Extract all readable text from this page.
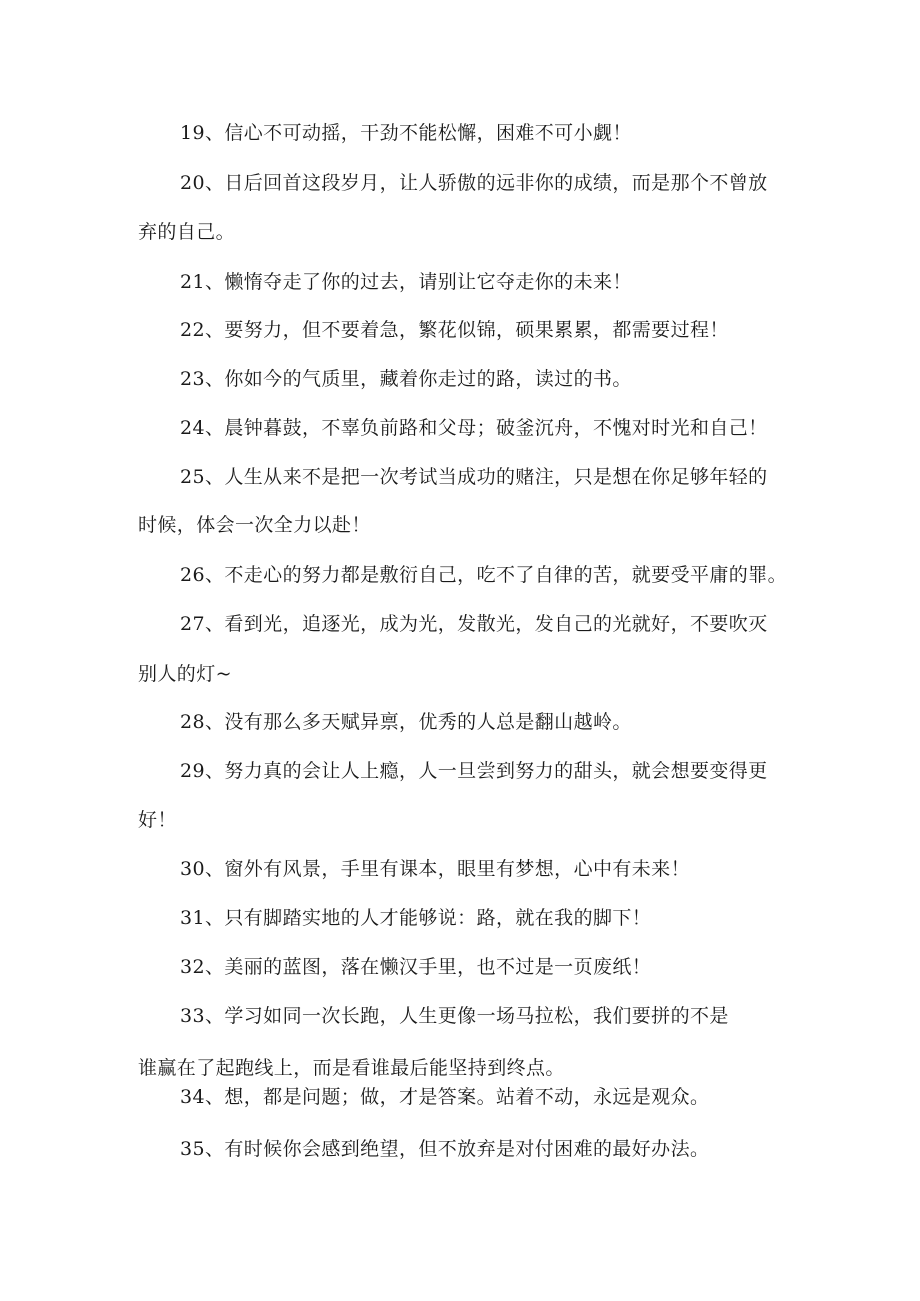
19、信心不可动摇，干劲不能松懈，困难不可小觑！
20、日后回首这段岁月，让人骄傲的远非你的成绩，而是那个不曾放
弃的自己。
21、懒惰夺走了你的过去，请别让它夺走你的未来！
22、要努力，但不要着急，繁花似锦，硕果累累，都需要过程！
23、你如今的气质里，藏着你走过的路，读过的书。
24、晨钟暮鼓，不辜负前路和父母；破釜沉舟，不愧对时光和自己！
25、人生从来不是把一次考试当成功的赌注，只是想在你足够年轻的
时候，体会一次全力以赴！
26、不走心的努力都是敷衍自己，吃不了自律的苦，就要受平庸的罪。
27、看到光，追逐光，成为光，发散光，发自己的光就好，不要吹灭
别人的灯~
28、没有那么多天赋异禀，优秀的人总是翻山越岭。
29、努力真的会让人上瘾，人一旦尝到努力的甜头，就会想要变得更
好！
30、窗外有风景，手里有课本，眼里有梦想，心中有未来！
31、只有脚踏实地的人才能够说：路，就在我的脚下！
32、美丽的蓝图，落在懒汉手里，也不过是一页废纸！
33、学习如同一次长跑，人生更像一场马拉松，我们要拼的不是
谁赢在了起跑线上，而是看谁最后能坚持到终点。
34、想，都是问题；做，才是答案。站着不动，永远是观众。
35、有时候你会感到绝望，但不放弃是对付困难的最好办法。
